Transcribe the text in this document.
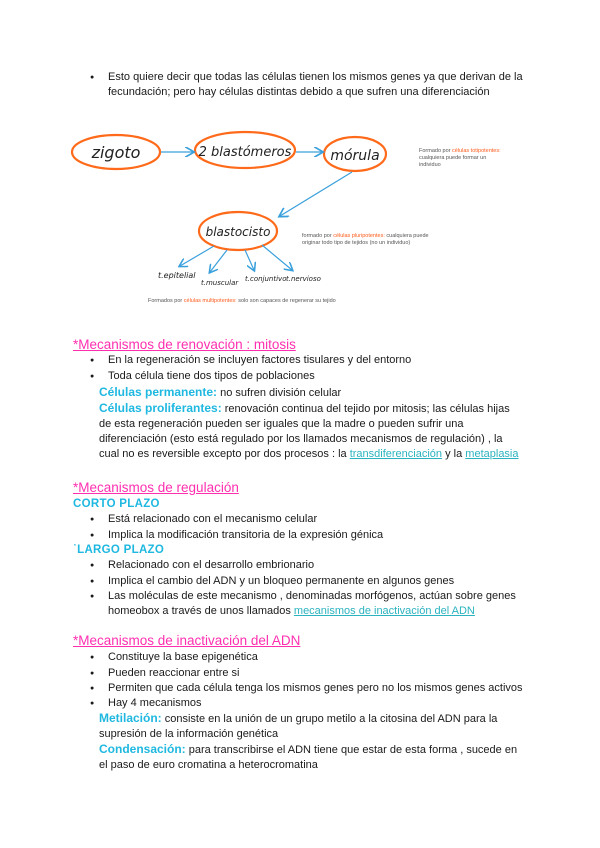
● Esto quiere decir que todas las células tienen los mismos genes ya que derivan de la
fecundación; pero hay células distintas debido a que sufren una diferenciación
zigoto	2 blastómeros	mórula
blastocisto
t.epitelial
t.muscular t.conjuntivo t.nervioso
Formado por células totipotentes:
cualquiera puede formar un
individuo
formado por células pluripotentes: cualquiera puede
originar todo tipo de tejidos (no un individuo)
Formados por células multipotentes: solo son capaces de regenerar su tejido
*Mecanismos de renovación : mitosis
● En la regeneración se incluyen factores tisulares y del entorno
● Toda célula tiene dos tipos de poblaciones
Células permanente: no sufren división celular
Células proliferantes: renovación continua del tejido por mitosis; las células hijas
de esta regeneración pueden ser iguales que la madre o pueden sufrir una
diferenciación (esto está regulado por los llamados mecanismos de regulación) , la
cual no es reversible excepto por dos procesos : la transdiferenciación y la metaplasia
*Mecanismos de regulación
CORTO PLAZO
● Está relacionado con el mecanismo celular
● Implica la modificación transitoria de la expresión génica
˙LARGO PLAZO
● Relacionado con el desarrollo embrionario
● Implica el cambio del ADN y un bloqueo permanente en algunos genes
● Las moléculas de este mecanismo , denominadas morfógenos, actúan sobre genes
homeobox a través de unos llamados mecanismos de inactivación del ADN
*Mecanismos de inactivación del ADN
● Constituye la base epigenética
● Pueden reaccionar entre si
● Permiten que cada célula tenga los mismos genes pero no los mismos genes activos
● Hay 4 mecanismos
Metilación: consiste en la unión de un grupo metilo a la citosina del ADN para la
supresión de la información genética
Condensación: para transcribirse el ADN tiene que estar de esta forma , sucede en
el paso de euro cromatina a heterocromatina
